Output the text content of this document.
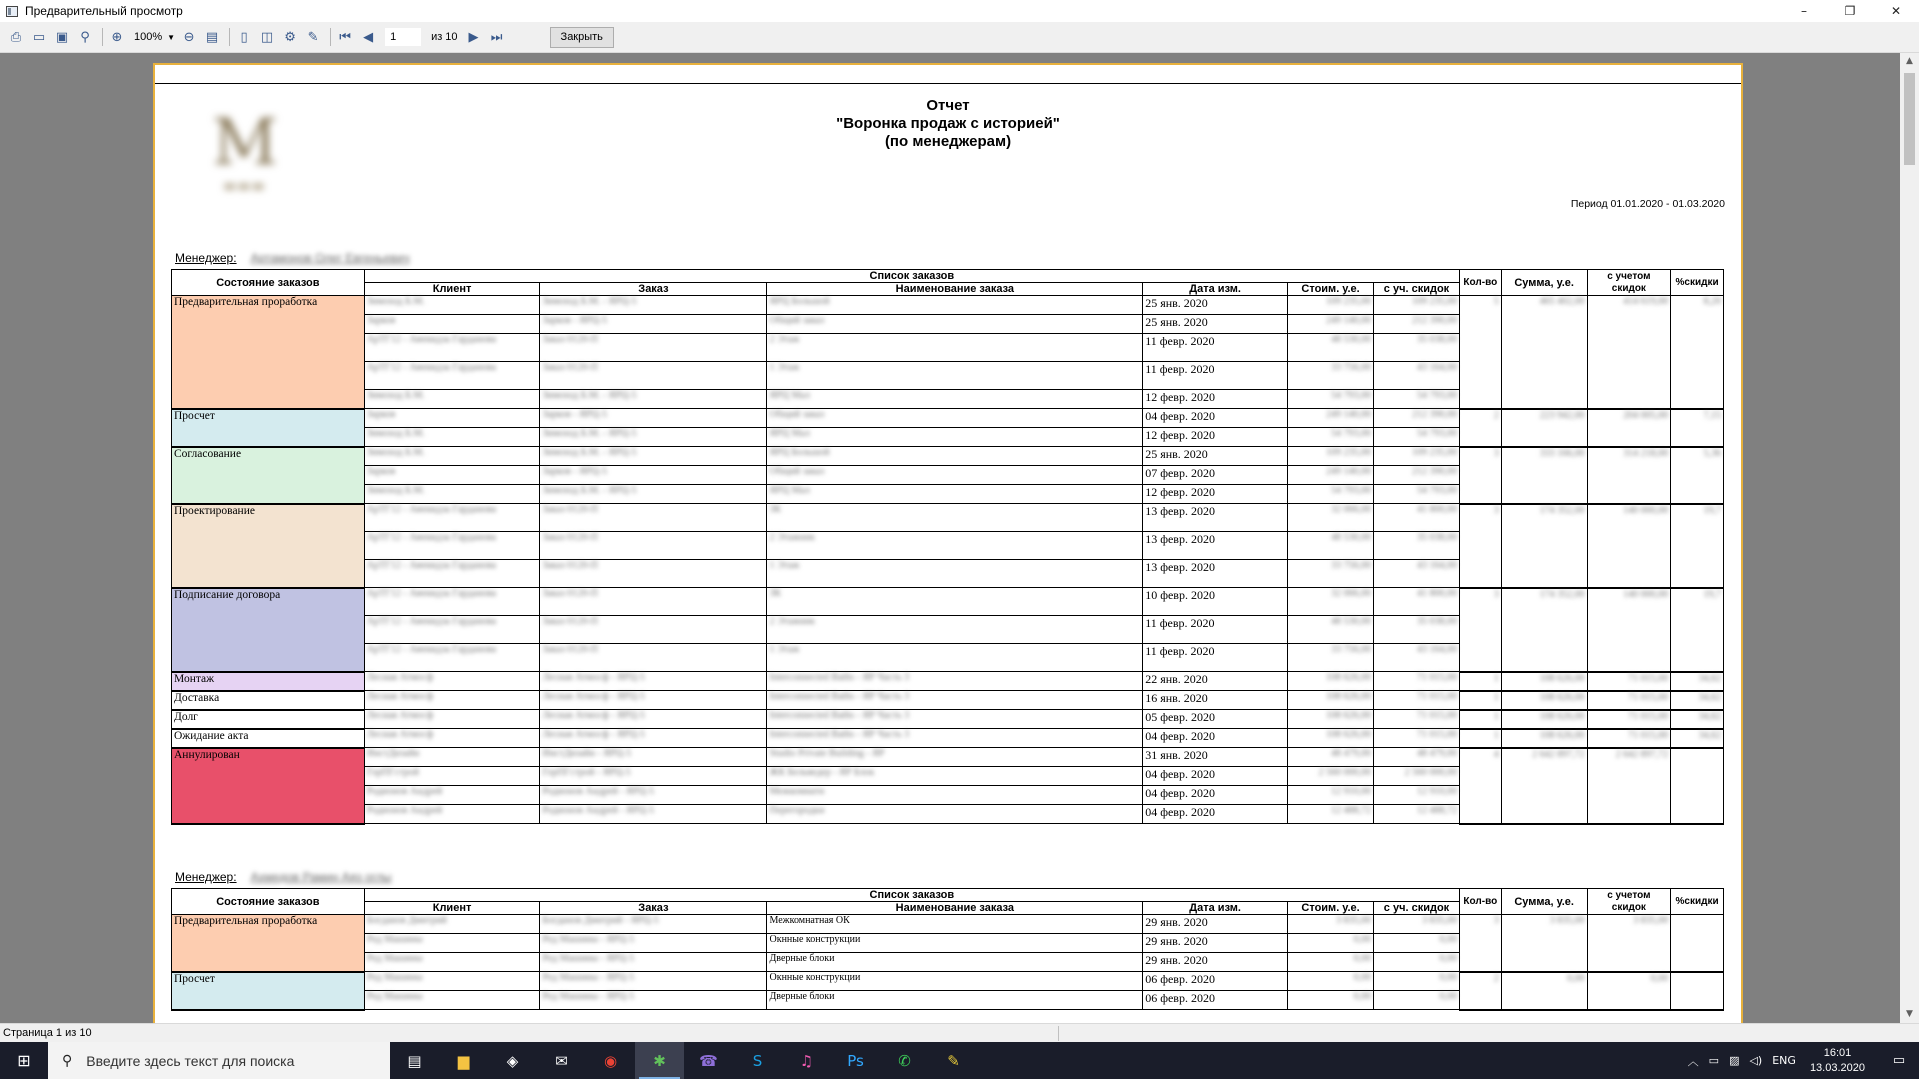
Предварительный просмотр	–	❐	✕
⎙ ▭ ▣ ⚲	⊕	100% ▼ ⊖ ▤	▯	◫ ⚙ ✎	⏮ ◀
1	из 10 ▶ ⏭	Закрыть
M
▬▬▬
Отчет
"Воронка продаж с историей"
(по менеджерам)
Период 01.01.2020 - 01.03.2020
Менеджер: Артамонов Олег Евгеньевич
Состояние заказов	Список заказов						Кол-во	Сумма, у.е.	с учетом скидок	%скидки
	Клиент	Заказ	Наименование заказа	Дата изм.	Стоим. у.е.	с уч. скидок				
Предварительная проработка	Зимоход Б.М.	Зимоход Б.М. - ЯРЦ-5	ЯРЦ Большой	25 янв. 2020	109 235,00	109 235,00	5	465 402,00	414 619,00	8,20
	Зарков	Зарков - ЯРЦ-5	Общий заказ	25 янв. 2020	249 140,00	212 390,00				
	АрТГ12 - Авенидза Гарданова	Заказ 0120-П	2 Этаж	11 февр. 2020	48 530,00	35 038,00				
	АрТГ12 - Авенидза Гарданова	Заказ 0120-П	1 Этаж	11 февр. 2020	33 756,00	43 164,00				
	Зимоход Б.М.	Зимоход Б.М. - ЯРЦ-5	ЯРЦ Мал	12 февр. 2020	54 793,00	54 793,00				
Просчет	Зарков	Зарков - ЯРЦ-5	Общий заказ	04 февр. 2020	249 140,00	212 390,00	2	223 942,00	204 005,00	7,15
	Зимоход Б.М.	Зимоход Б.М. - ЯРЦ-5	ЯРЦ Мал	12 февр. 2020	54 793,00	54 793,00				
Согласование	Зимоход Б.М.	Зимоход Б.М. - ЯРЦ-5	ЯРЦ Большой	25 янв. 2020	109 235,00	109 235,00	3	333 166,00	314 218,00	5,36
	Зарков	Зарков - ЯРЦ-5	Общий заказ	07 февр. 2020	249 140,00	212 390,00				
	Зимоход Б.М.	Зимоход Б.М. - ЯРЦ-5	ЯРЦ Мал	12 февр. 2020	54 793,00	54 793,00				
Проектирование	АрТГ12 - Авенидза Гарданова	Заказ 0120-П	ЗК	13 февр. 2020	32 066,00	41 800,00	3	174 352,00	140 000,00	19,7
	АрТГ12 - Авенидза Гарданова	Заказ 0120-П	2 Этажник	13 февр. 2020	48 530,00	35 038,00				
	АрТГ12 - Авенидза Гарданова	Заказ 0120-П	1 Этаж	13 февр. 2020	33 756,00	43 164,00				
Подписание договора	АрТГ12 - Авенидза Гарданова	Заказ 0120-П	ЗК	10 февр. 2020	32 066,00	41 800,00	3	174 352,00	140 000,00	19,7
	АрТГ12 - Авенидза Гарданова	Заказ 0120-П	2 Этажник	11 февр. 2020	48 530,00	35 038,00				
	АрТГ12 - Авенидза Гарданова	Заказ 0120-П	1 Этаж	11 февр. 2020	33 756,00	43 164,00				
Монтаж	Лесная Атмосф	Лесная Атмосф - ЯРЦ-5	Interconnected Baths - ЯР Часть 3	22 янв. 2020	108 626,00	71 015,00	1	108 626,00	71 015,00	34,62
Доставка	Лесная Атмосф	Лесная Атмосф - ЯРЦ-5	Interconnected Baths - ЯР Часть 3	16 янв. 2020	108 626,00	71 015,00	1	108 626,00	71 015,00	34,62
Долг	Лесная Атмосф	Лесная Атмосф - ЯРЦ-5	Interconnected Baths - ЯР Часть 3	05 февр. 2020	108 626,00	71 015,00	1	108 626,00	71 015,00	34,62
Ожидание акта	Лесная Атмосф	Лесная Атмосф - ЯРЦ-5	Interconnected Baths - ЯР Часть 3	04 февр. 2020	108 626,00	71 015,00	1	108 626,00	71 015,00	34,62
Аннулирован	ИнстДизайн	ИнстДизайн - ЯРЦ-5	Studio Private Building - ЯР	31 янв. 2020	48 479,00	48 479,00	4	2 642 897,72	2 642 897,72	
	ГорПГстрой	ГорПГстрой - ЯРЦ-5	ЖК Бельведер - ЯР Блок	04 февр. 2020	2 560 000,00	2 560 000,00				
	Родионов Андрей	Родионов Андрей - ЯРЦ-5	Межкомнатн	04 февр. 2020	12 910,00	12 910,00				
	Родионов Андрей	Родионов Андрей - ЯРЦ-5	Перегородки	04 февр. 2020	12 488,72	12 488,72				
Менеджер: Ахмедов Рамин Аяз оглы
Состояние заказов	Список заказов						Кол-во	Сумма, у.е.	с учетом скидок	%скидки
	Клиент	Заказ	Наименование заказа	Дата изм.	Стоим. у.е.	с уч. скидок				
Предварительная проработка	Богданов Дмитрий	Богданов Дмитрий - ЯРЦ-5	Межкомнатная ОК	29 янв. 2020	3 835,00	3 835,00	3	3 835,00	3 835,00	
	Ред Машины	Ред Машины - ЯРЦ-5	Окнные конструкции	29 янв. 2020	0,00	0,00				
	Ред Машины	Ред Машины - ЯРЦ-5	Дверные блоки	29 янв. 2020	0,00	0,00				
Просчет	Ред Машины	Ред Машины - ЯРЦ-5	Окнные конструкции	06 февр. 2020	0,00	0,00	2	0,00	0,00	
	Ред Машины	Ред Машины - ЯРЦ-5	Дверные блоки	06 февр. 2020	0,00	0,00				
▲
▼
Страница 1 из 10
⊞	⚲ Введите здесь текст для поиска	▤	▆	◈	✉	◉	✱	☎	S	♫	Ps	✆	✎	︿ ▭ ▨ ◁) ENG
16:01
13.03.2020	▭
